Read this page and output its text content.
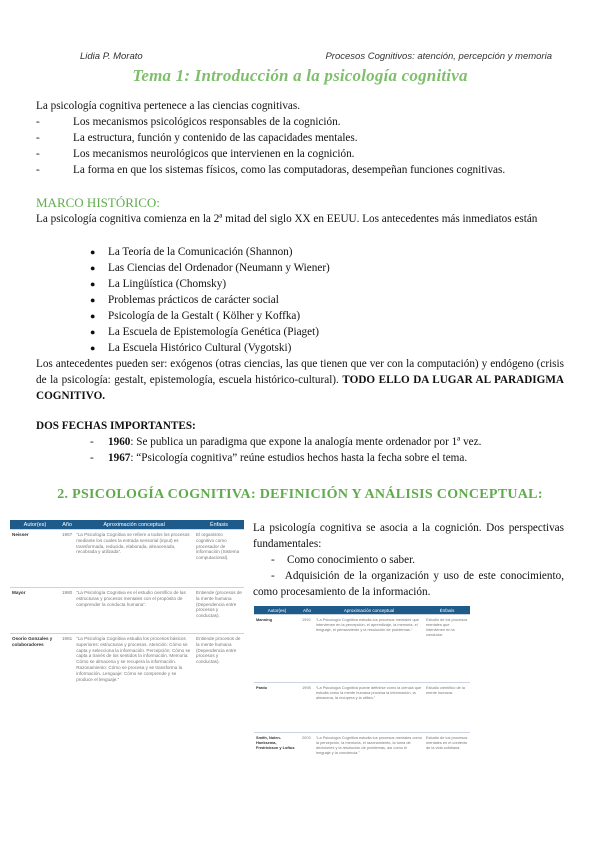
Lidia P. Morato	Procesos Cognitivos: atención, percepción y memoria
Tema 1: Introducción a la psicología cognitiva
La psicología cognitiva pertenece a las ciencias cognitivas.
-	Los mecanismos psicológicos responsables de la cognición.
-	La estructura, función y contenido de las capacidades mentales.
-	Los mecanismos neurológicos que intervienen en la cognición.
-	La forma en que los sistemas físicos, como las computadoras, desempeñan funciones cognitivas.
MARCO HISTÓRICO:
La psicología cognitiva comienza en la 2ª mitad del siglo XX en EEUU. Los antecedentes más inmediatos están
● La Teoría de la Comunicación (Shannon)
● Las Ciencias del Ordenador (Neumann y Wiener)
● La Lingüística (Chomsky)
● Problemas prácticos de carácter social
● Psicología de la Gestalt ( Kölher y Koffka)
● La Escuela de Epistemología Genética (Piaget)
● La Escuela Histórico Cultural (Vygotski)
Los antecedentes pueden ser: exógenos (otras ciencias, las que tienen que ver con la computación) y endógeno (crisis de la psicología: gestalt, epistemología, escuela histórico-cultural). TODO ELLO DA LUGAR AL PARADIGMA COGNITIVO.
DOS FECHAS IMPORTANTES:
- 1960: Se publica un paradigma que expone la analogía mente ordenador por 1ª vez.
- 1967: “Psicología cognitiva” reúne estudios hechos hasta la fecha sobre el tema.
2. PSICOLOGÍA COGNITIVA: DEFINICIÓN Y ANÁLISIS CONCEPTUAL:
Autor(es)	Año	Aproximación conceptual	Énfasis
Neisser	1967	“La Psicología Cognitiva se refiere a todos los procesos mediante los cuales la entrada sensorial (input) es transformada, reducida, elaborada, almacenada, recobrada y utilizada”.	El organismo cognitivo como procesador de información (Sistema computacional).
Mayor	1980	“La Psicología Cognitiva es el estudio científico de las estructuras y procesos mentales con el propósito de comprender la conducta humana”.	Entiende (procesos de la mente humana (Dependencia entre procesos y conductas).
Osorio Gonzales y colaboradores	1981	“La Psicología Cognitiva estudia los procesos básicos superiores: estructuras y procesos. Atención: Cómo se capta y selecciona la información. Percepción: Cómo se capta a través de los sentidos la información. Memoria: Cómo se almacena y se recupera la información. Razonamiento: Cómo se procesa y se transforma la información. Lenguaje: Cómo se comprende y se produce el lenguaje.”	Entiende procesos de la mente humana (Dependencia entre procesos y conductas).
La psicología cognitiva se asocia a la cognición. Dos perspectivas fundamentales:
- Como conocimiento o saber.
- Adquisición de la organización y uso de este conocimiento, como procesamiento de la información.
Autor(es)	Año	Aproximación conceptual	Énfasis
Manning	1992	“La Psicología Cognitiva estudia los procesos mentales que intervienen en la percepción, el aprendizaje, la memoria, el lenguaje, el pensamiento y la resolución de problemas.”	Estudio de los procesos mentales que intervienen en la conducta.
Pardo	1998	“La Psicología Cognitiva puede definirse como la ciencia que estudia cómo la mente humana procesa la información, la almacena, la recupera y la utiliza.”	Estudio científico de la mente humana.
Smith, Nolen-Hoeksema, Fredrickson y Loftus	2003	“La Psicología Cognitiva estudia los procesos mentales como la percepción, la memoria, el razonamiento, la toma de decisiones y la resolución de problemas, así como el lenguaje y la conciencia.”	Estudio de los procesos mentales en el contexto de la vida cotidiana.
